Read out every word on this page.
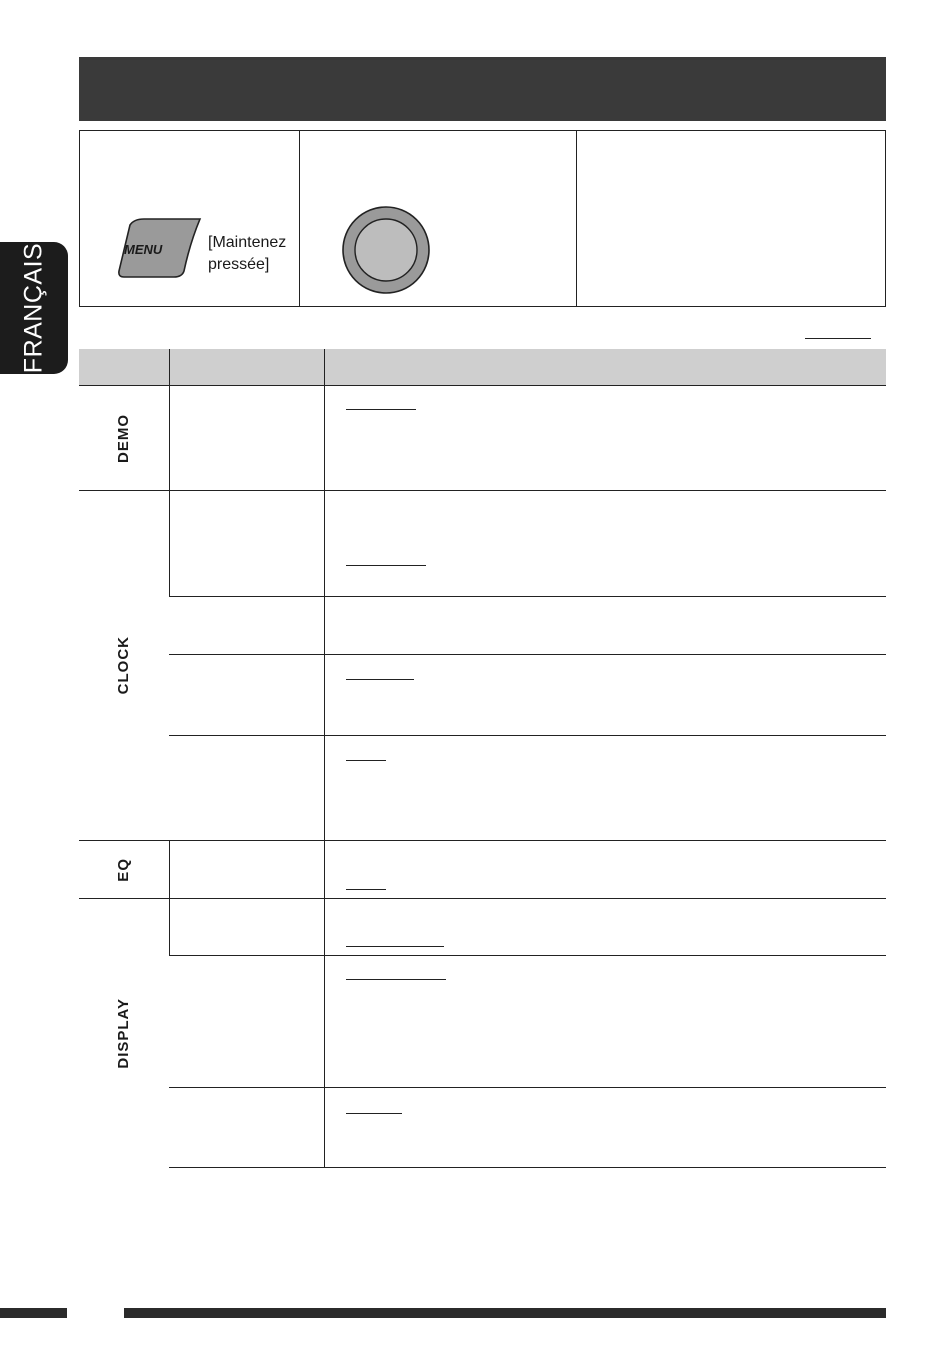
FRANÇAIS	MENU	[Maintenez
pressée]

DEMO		

CLOCK		

EQ		

DISPLAY		
